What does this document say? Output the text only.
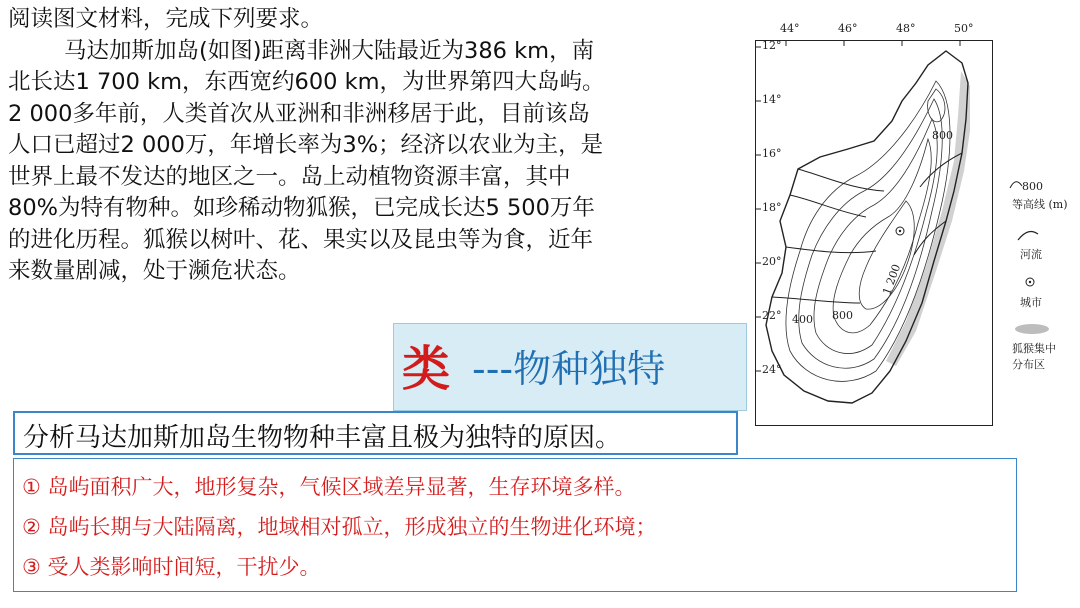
阅读图文材料，完成下列要求。
马达加斯加岛(如图)距离非洲大陆最近为386 km，南
北长达1 700 km，东西宽约600 km，为世界第四大岛屿。
2 000多年前，人类首次从亚洲和非洲移居于此，目前该岛
人口已超过2 000万，年增长率为3%；经济以农业为主，是
世界上最不发达的地区之一。岛上动植物资源丰富，其中
80%为特有物种。如珍稀动物狐猴，已完成长达5 500万年
的进化历程。狐猴以树叶、花、果实以及昆虫等为食，近年
来数量剧减，处于濒危状态。
44°	46°	48°	50°
12°
14°
16°
18°
20°
22°
24°
800
400 800
1 200
800
等高线 (m)
河流
城市
狐猴集中
分布区
类 ---物种独特
分析马达加斯加岛生物物种丰富且极为独特的原因。
① 岛屿面积广大，地形复杂，气候区域差异显著，生存环境多样。
② 岛屿长期与大陆隔离，地域相对孤立，形成独立的生物进化环境；
③ 受人类影响时间短，干扰少。
